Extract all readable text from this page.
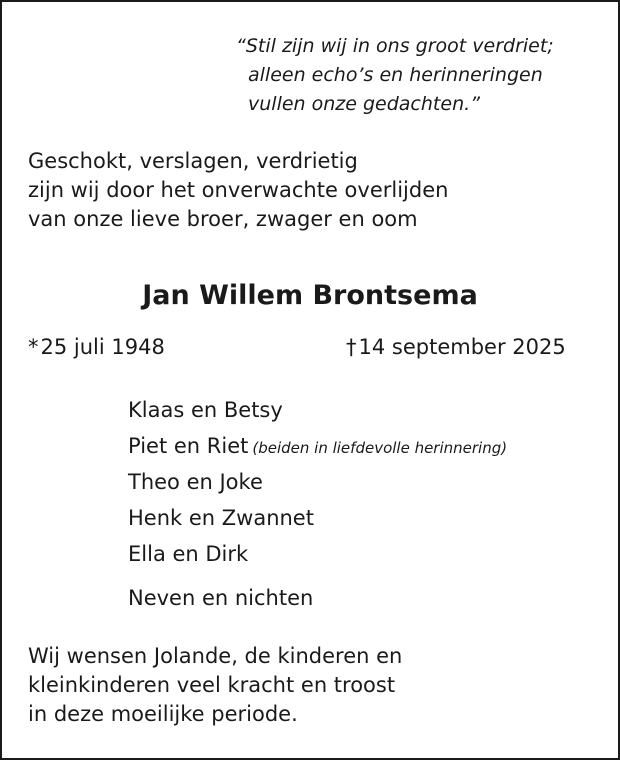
“Stil zijn wij in ons groot verdriet;
alleen echo’s en herinneringen
vullen onze gedachten.”
Geschokt, verslagen, verdrietig
zijn wij door het onverwachte overlijden
van onze lieve broer, zwager en oom
Jan Willem Brontsema
*25 juli 1948	†14 september 2025
Klaas en Betsy
Piet en Riet (beiden in liefdevolle herinnering)
Theo en Joke
Henk en Zwannet
Ella en Dirk
Neven en nichten
Wij wensen Jolande, de kinderen en
kleinkinderen veel kracht en troost
in deze moeilijke periode.
